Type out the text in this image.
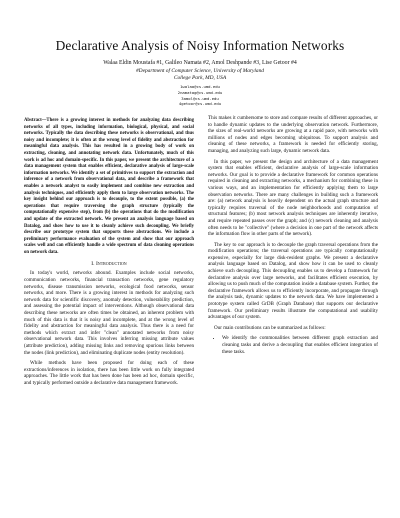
Declarative Analysis of Noisy Information Networks
Walaa Eldin Moustafa #1, Galileo Namata #2, Amol Deshpande #3, Lise Getoor #4
#Department of Computer Science, University of Maryland
College Park, MD, USA
1walaa@cs.umd.edu
2namatag@cs.umd.edu
3amol@cs.umd.edu
4getoor@cs.umd.edu

Abstract—There is a growing interest in methods for analyzing data describing networks of all types, including information, biological, physical, and social networks. Typically the data describing these networks is observational, and thus noisy and incomplete; it is often at the wrong level of fidelity and abstraction for meaningful data analysis. This has resulted in a growing body of work on extracting, cleaning, and annotating network data. Unfortunately, much of this work is ad hoc and domain-specific. In this paper, we present the architecture of a data management system that enables efficient, declarative analysis of large-scale information networks. We identify a set of primitives to support the extraction and inference of a network from observational data, and describe a framework that enables a network analyst to easily implement and combine new extraction and analysis techniques, and efficiently apply them to large observation networks. The key insight behind our approach is to decouple, to the extent possible, (a) the operations that require traversing the graph structure (typically the computationally expensive step), from (b) the operations that do the modification and update of the extracted network. We present an analysis language based on Datalog, and show how to use it to cleanly achieve such decoupling. We briefly describe our prototype system that supports these abstractions. We include a preliminary performance evaluation of the system and show that our approach scales well and can efficiently handle a wide spectrum of data cleaning operations on network data.

I. Introduction

In today's world, networks abound. Examples include social networks, communication networks, financial transaction networks, gene regulatory networks, disease transmission networks, ecological food networks, sensor networks, and more. There is a growing interest in methods for analyzing such network data for scientific discovery, anomaly detection, vulnerability prediction, and assessing the potential impact of interventions. Although observational data describing these networks are often times be obtained, an inherent problem with much of this data is that it is noisy and incomplete, and at the wrong level of fidelity and abstraction for meaningful data analysis. Thus there is a need for methods which extract and infer "clean" annotated networks from noisy observational network data. This involves inferring missing attribute values (attribute prediction), adding missing links and removing spurious links between the nodes (link prediction), and eliminating duplicate nodes (entity resolution).

While methods have been proposed for doing each of these extractions/inferences in isolation, there has been little work on fully integrated approaches. The little work that has been done has been ad hoc, domain specific, and typically performed outside a declarative data management framework.

This makes it cumbersome to store and compare results of different approaches, or to handle dynamic updates to the underlying observation network. Furthermore, the sizes of real-world networks are growing at a rapid pace, with networks with millions of nodes and edges becoming ubiquitous. To support analysis and cleaning of these networks, a framework is needed for efficiently storing, managing, and analyzing such large, dynamic network data.

In this paper, we present the design and architecture of a data management system that enables efficient, declarative analysis of large-scale information networks. Our goal is to provide a declarative framework for common operations required in cleaning and extracting networks, a mechanism for combining these in various ways, and an implementation for efficiently applying them to large observation networks. There are many challenges in building such a framework are: (a) network analysis is heavily dependent on the actual graph structure and typically requires traversal of the node neighborhoods and computation of structural features; (b) most network analysis techniques are inherently iterative, and require repeated passes over the graph; and (c) network cleaning and analysis often needs to be "collective" (where a decision in one part of the network affects the information flow in other parts of the network).

The key to our approach is to decouple the graph traversal operations from the modification operations; the traversal operations are typically computationally expensive, especially for large disk-resident graphs. We present a declarative analysis language based on Datalog, and show how it can be used to cleanly achieve such decoupling. This decoupling enables us to develop a framework for declarative analysis over large networks, and facilitates efficient execution, by allowing us to push much of the computation inside a database system. Further, the declarative framework allows us to efficiently incorporate, and propagate through the analysis task, dynamic updates to the network data. We have implemented a prototype system called GrDB (Graph Database) that supports our declarative framework. Our preliminary results illustrate the computational and usability advantages of our system.

Our main contributions can be summarized as follows:

• We identify the commonalities between different graph extraction and cleaning tasks and derive a decoupling that enables efficient integration of these tasks.
